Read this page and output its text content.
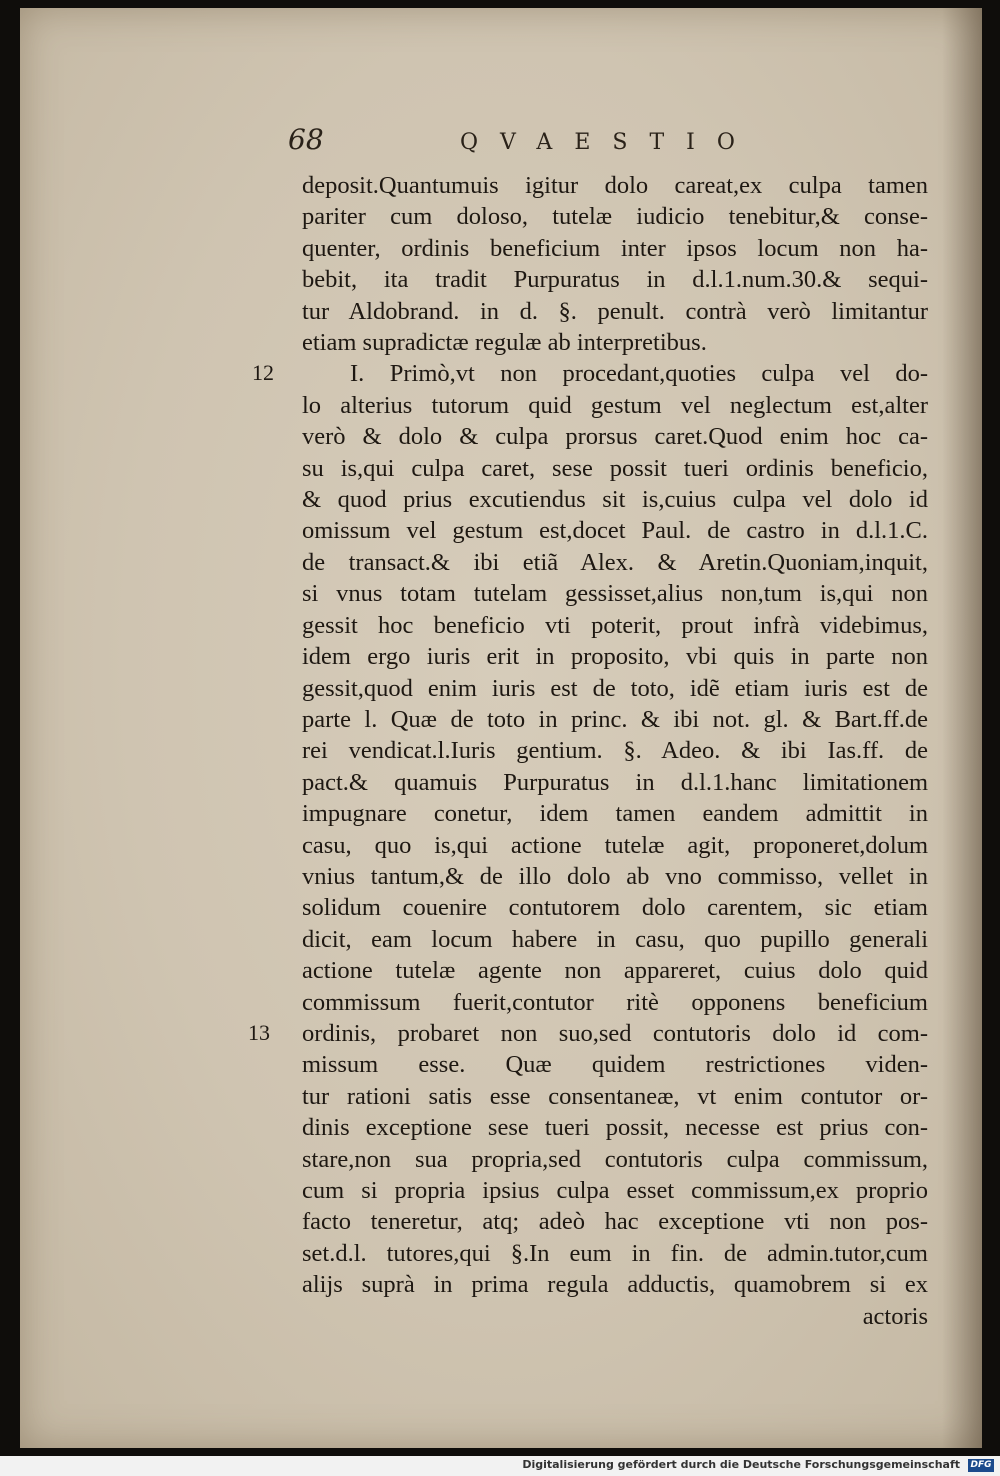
68	QVAESTIO
12
13
deposit.Quantumuis igitur dolo careat,ex culpa tamen
pariter cum doloso, tutelæ iudicio tenebitur,& conse-
quenter, ordinis beneficium inter ipsos locum non ha-
bebit, ita tradit Purpuratus in d.l.1.num.30.& sequi-
tur Aldobrand. in d. §. penult. contrà verò limitantur
etiam supradictæ regulæ ab interpretibus.
I. Primò,vt non procedant,quoties culpa vel do-
lo alterius tutorum quid gestum vel neglectum est,alter
verò & dolo & culpa prorsus caret.Quod enim hoc ca-
su is,qui culpa caret, sese possit tueri ordinis beneficio,
& quod prius excutiendus sit is,cuius culpa vel dolo id
omissum vel gestum est,docet Paul. de castro in d.l.1.C.
de transact.& ibi etiã Alex. & Aretin.Quoniam,inquit,
si vnus totam tutelam gessisset,alius non,tum is,qui non
gessit hoc beneficio vti poterit, prout infrà videbimus,
idem ergo iuris erit in proposito, vbi quis in parte non
gessit,quod enim iuris est de toto, idẽ etiam iuris est de
parte l. Quæ de toto in princ. & ibi not. gl. & Bart.ff.de
rei vendicat.l.Iuris gentium. §. Adeo. & ibi Ias.ff. de
pact.& quamuis Purpuratus in d.l.1.hanc limitationem
impugnare conetur, idem tamen eandem admittit in
casu, quo is,qui actione tutelæ agit, proponeret,dolum
vnius tantum,& de illo dolo ab vno commisso, vellet in
solidum couenire contutorem dolo carentem, sic etiam
dicit, eam locum habere in casu, quo pupillo generali
actione tutelæ agente non appareret, cuius dolo quid
commissum fuerit,contutor ritè opponens beneficium
ordinis, probaret non suo,sed contutoris dolo id com-
missum esse. Quæ quidem restrictiones viden-
tur rationi satis esse consentaneæ, vt enim contutor or-
dinis exceptione sese tueri possit, necesse est prius con-
stare,non sua propria,sed contutoris culpa commissum,
cum si propria ipsius culpa esset commissum,ex proprio
facto teneretur, atq; adeò hac exceptione vti non pos-
set.d.l. tutores,qui §.In eum in fin. de admin.tutor,cum
alijs suprà in prima regula adductis, quamobrem si ex
actoris
Digitalisierung gefördert durch die Deutsche Forschungsgemeinschaft DFG
